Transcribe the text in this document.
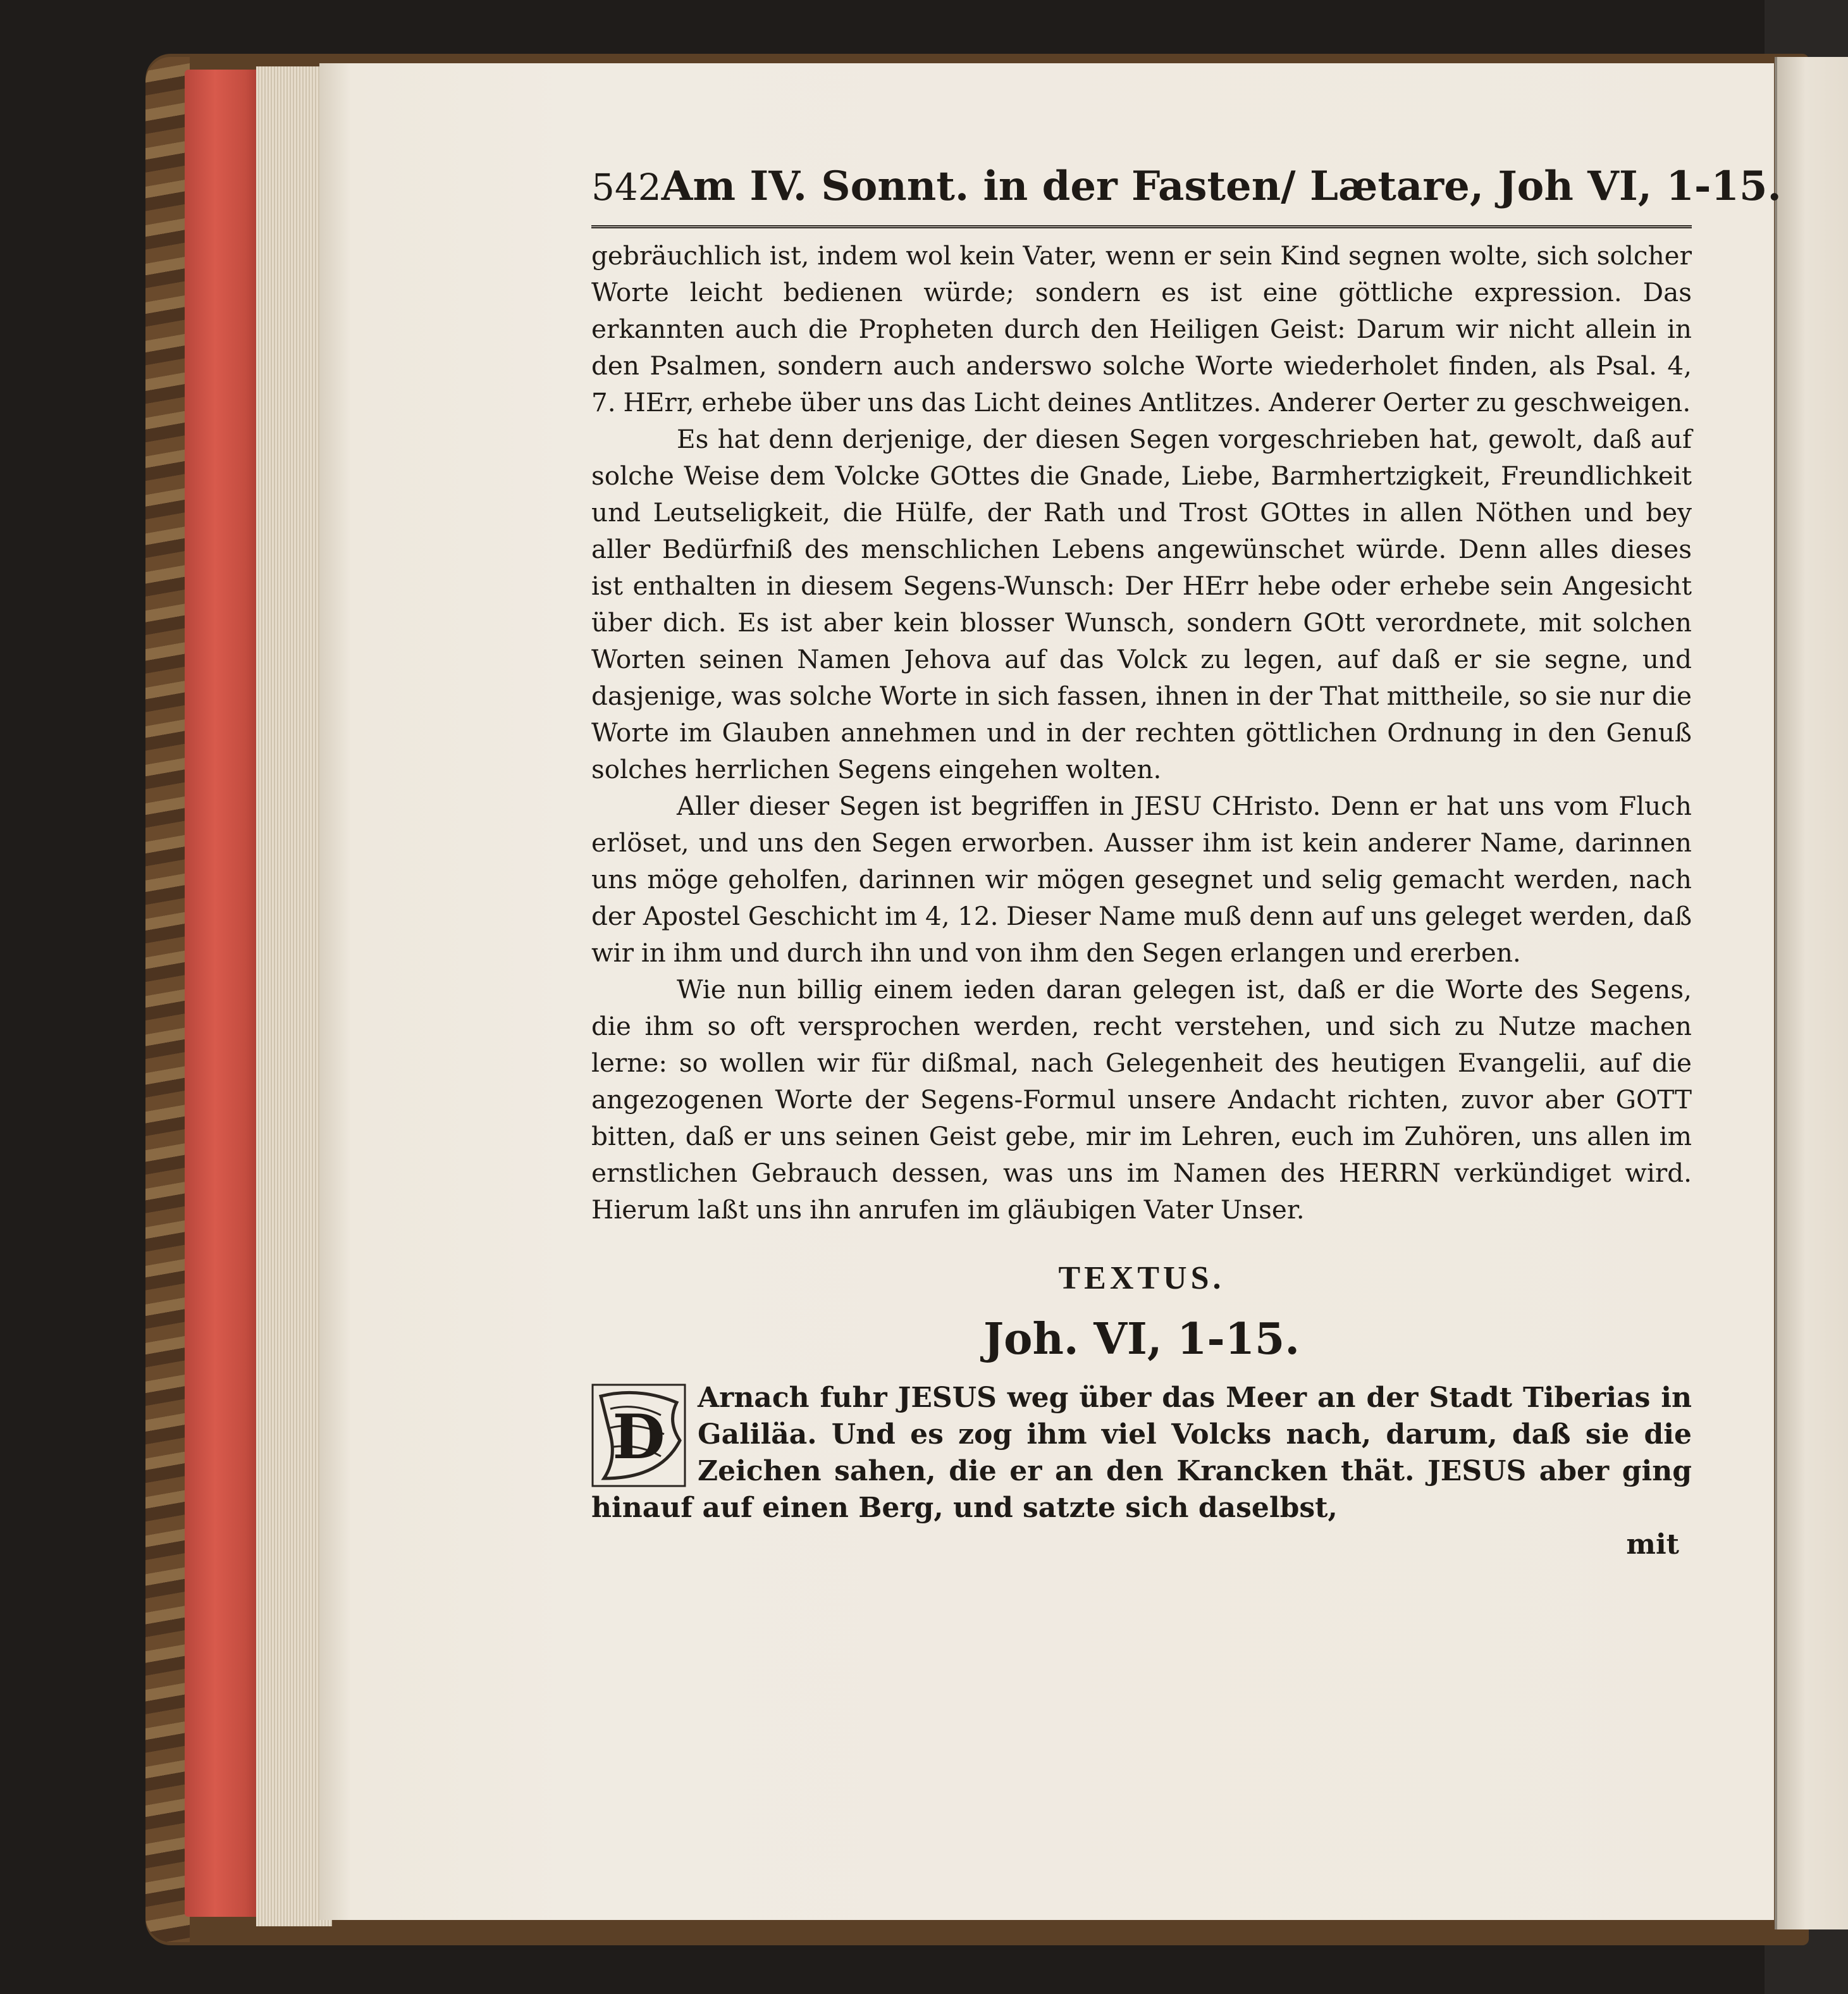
542 Am IV. Sonnt. in der Fasten/ Lætare, Joh VI, 1-15.

gebräuchlich ist, indem wol kein Vater, wenn er sein Kind segnen wolte, sich solcher Worte leicht bedienen würde; sondern es ist eine göttliche expression. Das erkannten auch die Propheten durch den Heiligen Geist: Darum wir nicht allein in den Psalmen, sondern auch anderswo solche Worte wiederholet finden, als Psal. 4, 7. HErr, erhebe über uns das Licht deines Antlitzes. Anderer Oerter zu geschweigen.

Es hat denn derjenige, der diesen Segen vorgeschrieben hat, gewolt, daß auf solche Weise dem Volcke GOttes die Gnade, Liebe, Barmhertzigkeit, Freundlichkeit und Leutseligkeit, die Hülfe, der Rath und Trost GOttes in allen Nöthen und bey aller Bedürfniß des menschlichen Lebens angewünschet würde. Denn alles dieses ist enthalten in diesem Segens-Wunsch: Der HErr hebe oder erhebe sein Angesicht über dich. Es ist aber kein blosser Wunsch, sondern GOtt verordnete, mit solchen Worten seinen Namen Jehova auf das Volck zu legen, auf daß er sie segne, und dasjenige, was solche Worte in sich fassen, ihnen in der That mittheile, so sie nur die Worte im Glauben annehmen und in der rechten göttlichen Ordnung in den Genuß solches herrlichen Segens eingehen wolten.

Aller dieser Segen ist begriffen in JESU CHristo. Denn er hat uns vom Fluch erlöset, und uns den Segen erworben. Ausser ihm ist kein anderer Name, darinnen uns möge geholfen, darinnen wir mögen gesegnet und selig gemacht werden, nach der Apostel Geschicht im 4, 12. Dieser Name muß denn auf uns geleget werden, daß wir in ihm und durch ihn und von ihm den Segen erlangen und ererben.

Wie nun billig einem ieden daran gelegen ist, daß er die Worte des Segens, die ihm so oft versprochen werden, recht verstehen, und sich zu Nutze machen lerne: so wollen wir für dißmal, nach Gelegenheit des heutigen Evangelii, auf die angezogenen Worte der Segens-Formul unsere Andacht richten, zuvor aber GOTT bitten, daß er uns seinen Geist gebe, mir im Lehren, euch im Zuhören, uns allen im ernstlichen Gebrauch dessen, was uns im Namen des HERRN verkündiget wird. Hierum laßt uns ihn anrufen im gläubigen Vater Unser.

TEXTUS.
Joh. VI, 1-15.
D
Arnach fuhr JESUS weg über das Meer an der Stadt Tiberias in Galiläa. Und es zog ihm viel Volcks nach, darum, daß sie die Zeichen sahen, die er an den Krancken thät. JESUS aber ging hinauf auf einen Berg, und satzte sich daselbst,
mit
